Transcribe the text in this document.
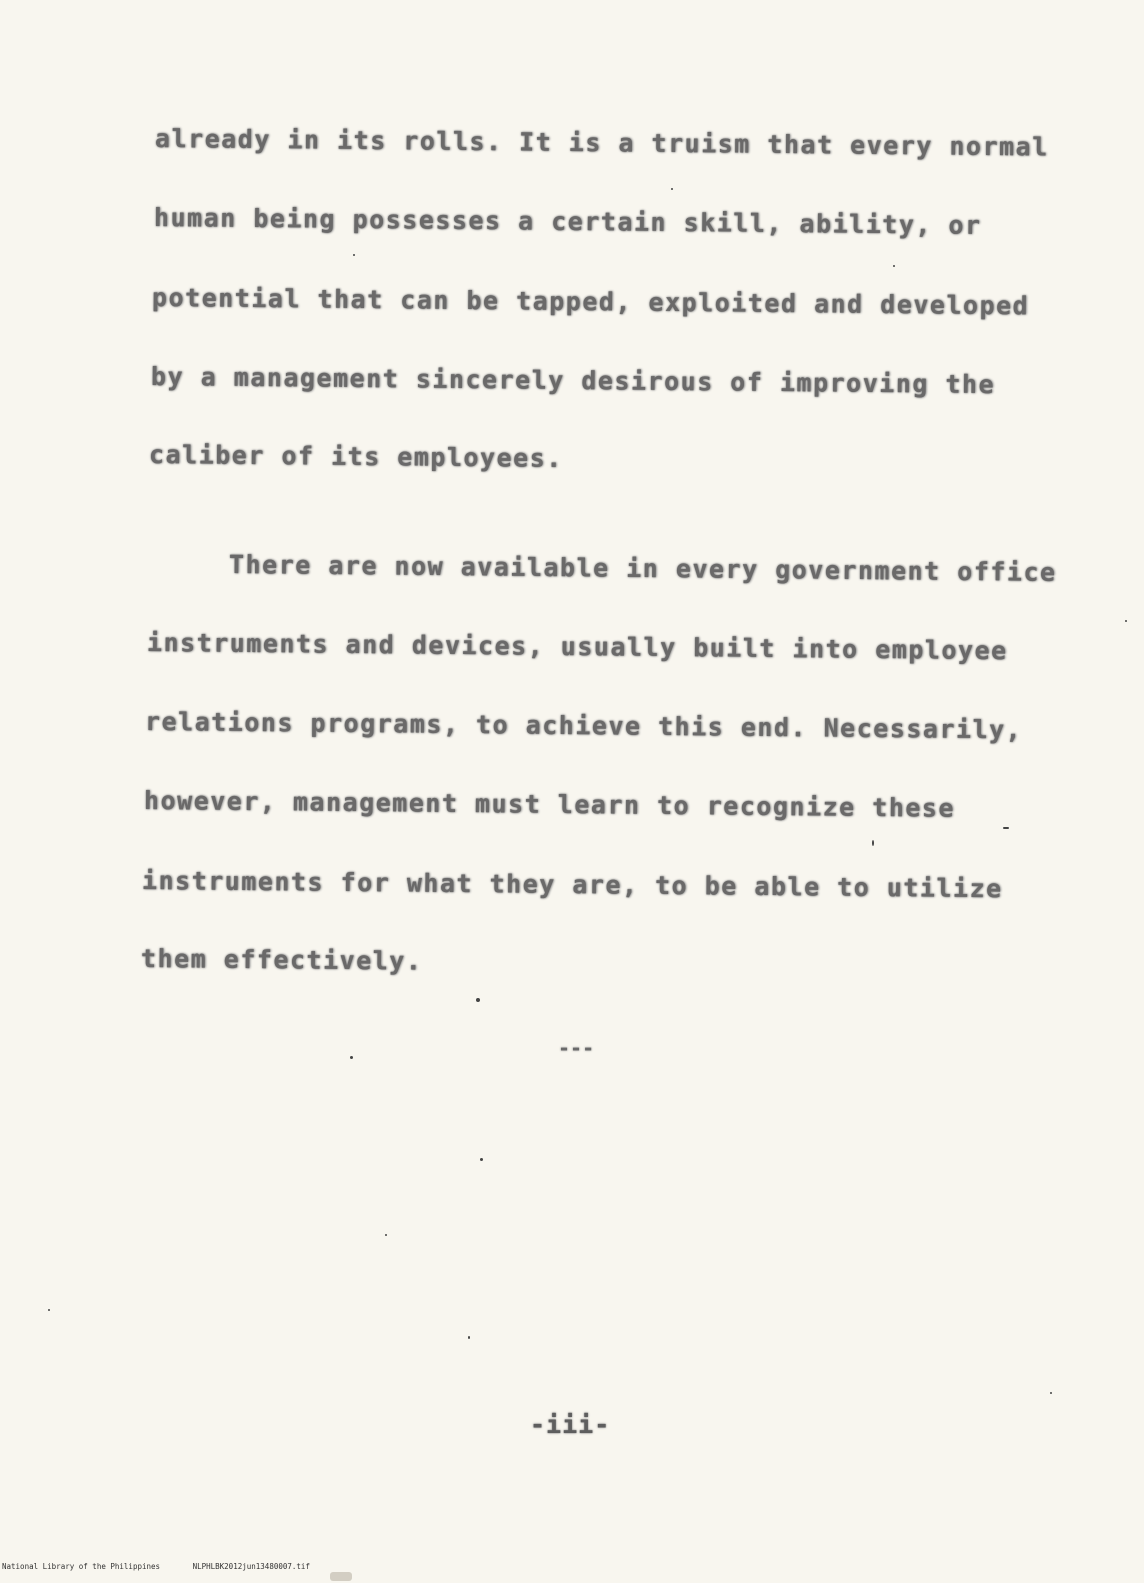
already in its rolls. It is a truism that every normal
human being possesses a certain skill, ability, or
potential that can be tapped, exploited and developed
by a management sincerely desirous of improving the
caliber of its employees.
There are now available in every government office
instruments and devices, usually built into employee
relations programs, to achieve this end. Necessarily,
however, management must learn to recognize these
instruments for what they are, to be able to utilize
them effectively.
---
-iii-
National Library of the Philippines	NLPHLBK2012jun13480007.tif
